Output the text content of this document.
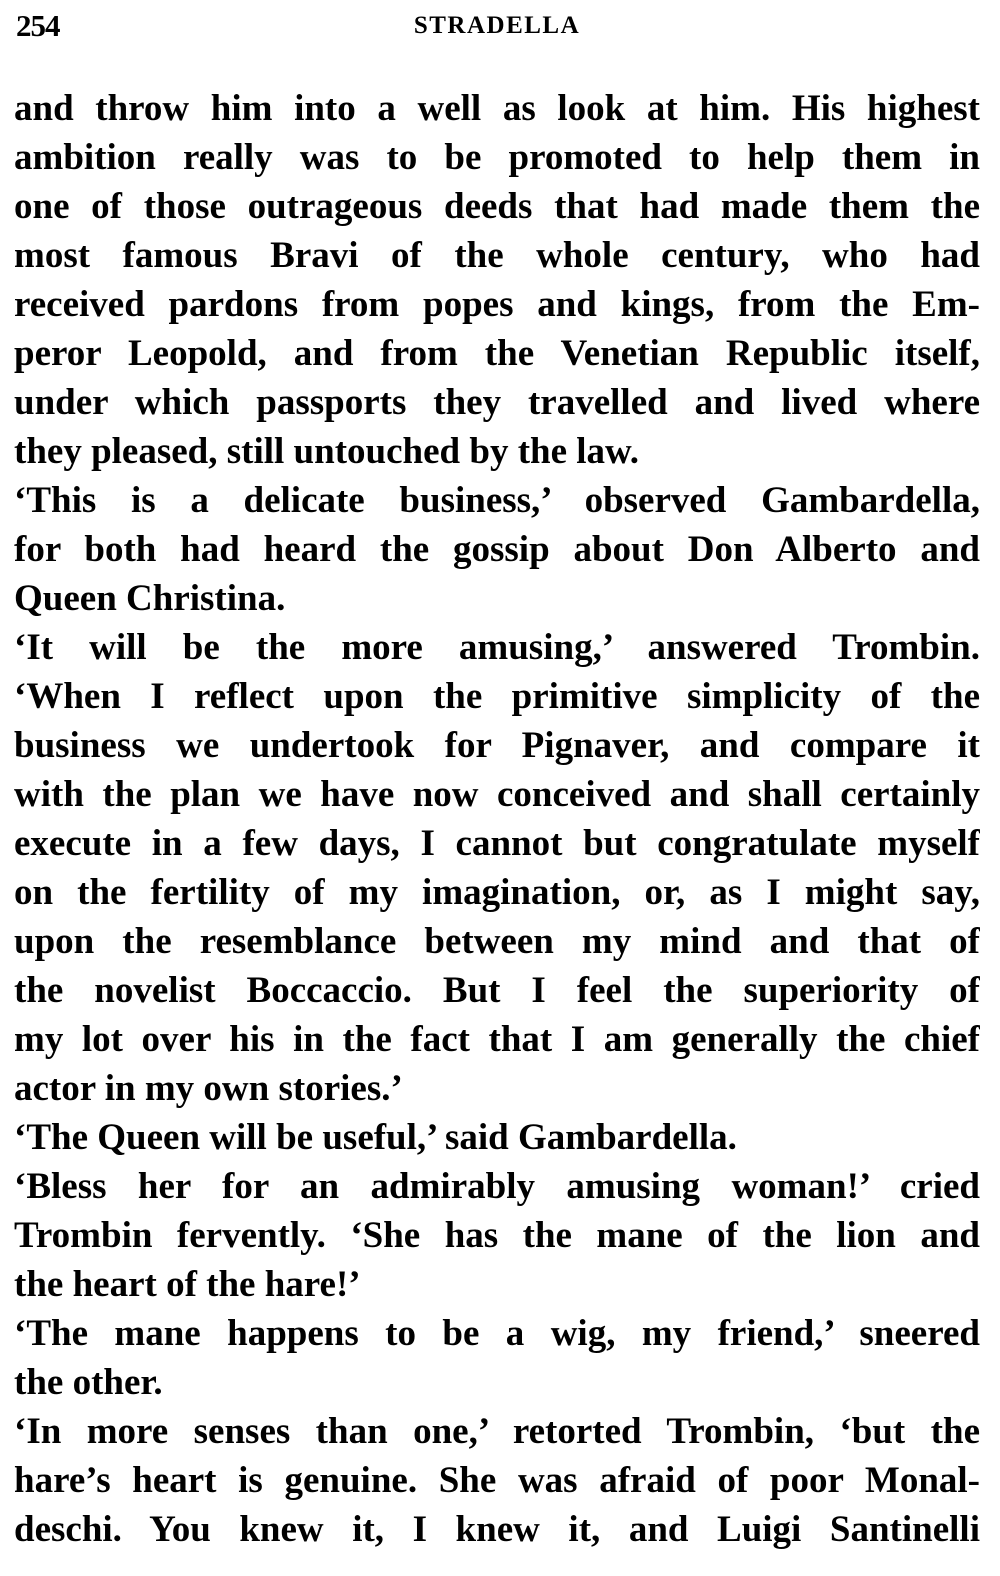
254	STRADELLA
and throw him into a well as look at him. His highest
ambition really was to be promoted to help them in
one of those outrageous deeds that had made them the
most famous Bravi of the whole century, who had
received pardons from popes and kings, from the Em-
peror Leopold, and from the Venetian Republic itself,
under which passports they travelled and lived where
they pleased, still untouched by the law.
‘This is a delicate business,’ observed Gambardella,
for both had heard the gossip about Don Alberto and
Queen Christina.
‘It will be the more amusing,’ answered Trombin.
‘When I reflect upon the primitive simplicity of the
business we undertook for Pignaver, and compare it
with the plan we have now conceived and shall certainly
execute in a few days, I cannot but congratulate myself
on the fertility of my imagination, or, as I might say,
upon the resemblance between my mind and that of
the novelist Boccaccio. But I feel the superiority of
my lot over his in the fact that I am generally the chief
actor in my own stories.’
‘The Queen will be useful,’ said Gambardella.
‘Bless her for an admirably amusing woman!’ cried
Trombin fervently. ‘She has the mane of the lion and
the heart of the hare!’
‘The mane happens to be a wig, my friend,’ sneered
the other.
‘In more senses than one,’ retorted Trombin, ‘but the
hare’s heart is genuine. She was afraid of poor Monal-
deschi. You knew it, I knew it, and Luigi Santinelli
